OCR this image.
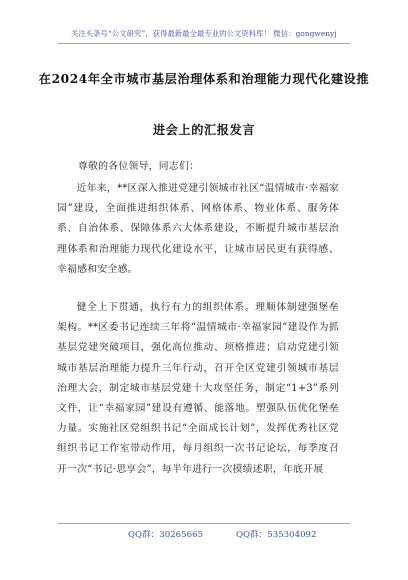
关注头条号“公文研究”，获得最新最全最专业的公文资料库！ 微信：gongwenyj
在2024年全市城市基层治理体系和治理能力现代化建设推
进会上的汇报发言
尊敬的各位领导，同志们：

近年来，**区深入推进党建引领城市社区“温情城市·幸福家园”建设，全面推进组织体系、网格体系、物业体系、服务体系、自治体系、保障体系六大体系建设，不断提升城市基层治理体系和治理能力现代化建设水平，让城市居民更有获得感、幸福感和安全感。

健全上下贯通，执行有力的组织体系。理顺体制建强堡垒架构。**区委书记连续三年将“温情城市·幸福家园”建设作为抓基层党建突破项目，强化高位推动、项格推进；启动党建引领城市基层治理能力提升三年行动，召开全区党建引领城市基层治理大会，制定城市基层党建十大攻坚任务，制定“1+3”系列文件，让“幸福家园”建设有遵循、能落地。塑强队伍优化堡垒力量。实施社区党组织书记“全面成长计划”，发挥优秀社区党组织书记工作室带动作用，每月组织一次书记论坛，每季度召开一次“书记·思享会”，每半年进行一次摸绩述职，年底开展

QQ群：30265665	QQ群：535304092
